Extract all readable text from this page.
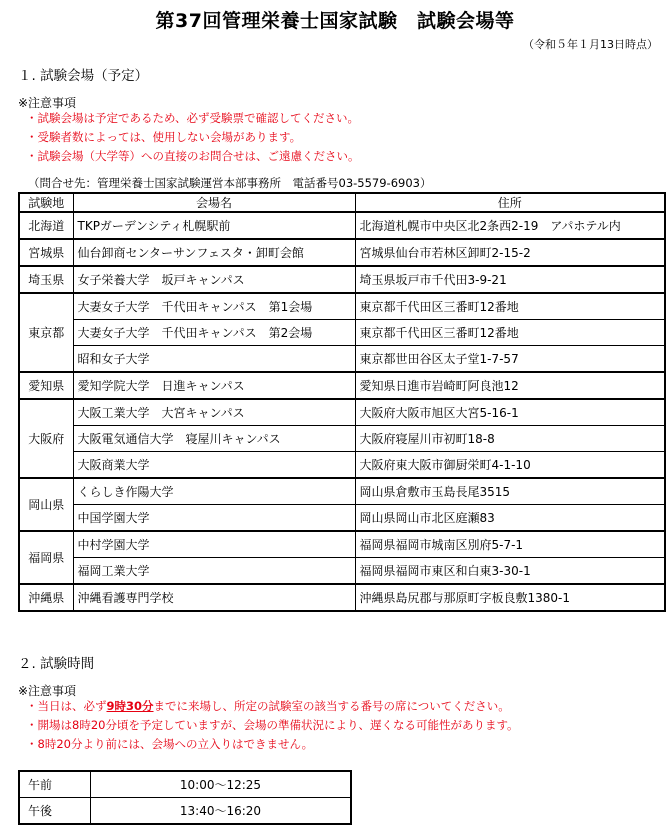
第37回管理栄養士国家試験　試験会場等
（令和５年１月13日時点）
１. 試験会場（予定）
※注意事項
・試験会場は予定であるため、必ず受験票で確認してください。
・受験者数によっては、使用しない会場があります。
・試験会場（大学等）への直接のお問合せは、ご遠慮ください。
（問合せ先：管理栄養士国家試験運営本部事務所　電話番号03-5579-6903）
試験地	会場名	住所
北海道	TKPガーデンシティ札幌駅前	北海道札幌市中央区北2条西2-19　アパホテル内
宮城県	仙台卸商センターサンフェスタ・卸町会館	宮城県仙台市若林区卸町2-15-2
埼玉県	女子栄養大学　坂戸キャンパス	埼玉県坂戸市千代田3-9-21
東京都	大妻女子大学　千代田キャンパス　第1会場	東京都千代田区三番町12番地
	大妻女子大学　千代田キャンパス　第2会場	東京都千代田区三番町12番地
	昭和女子大学	東京都世田谷区太子堂1-7-57
愛知県	愛知学院大学　日進キャンパス	愛知県日進市岩崎町阿良池12
大阪府	大阪工業大学　大宮キャンパス	大阪府大阪市旭区大宮5-16-1
	大阪電気通信大学　寝屋川キャンパス	大阪府寝屋川市初町18-8
	大阪商業大学	大阪府東大阪市御厨栄町4-1-10
岡山県	くらしき作陽大学	岡山県倉敷市玉島長尾3515
	中国学園大学	岡山県岡山市北区庭瀬83
福岡県	中村学園大学	福岡県福岡市城南区別府5-7-1
	福岡工業大学	福岡県福岡市東区和白東3-30-1
沖縄県	沖縄看護専門学校	沖縄県島尻郡与那原町字板良敷1380-1
２. 試験時間
※注意事項
・当日は、必ず9時30分までに来場し、所定の試験室の該当する番号の席についてください。
・開場は8時20分頃を予定していますが、会場の準備状況により、遅くなる可能性があります。
・8時20分より前には、会場への立入りはできません。
午前	10:00～12:25
午後	13:40～16:20
